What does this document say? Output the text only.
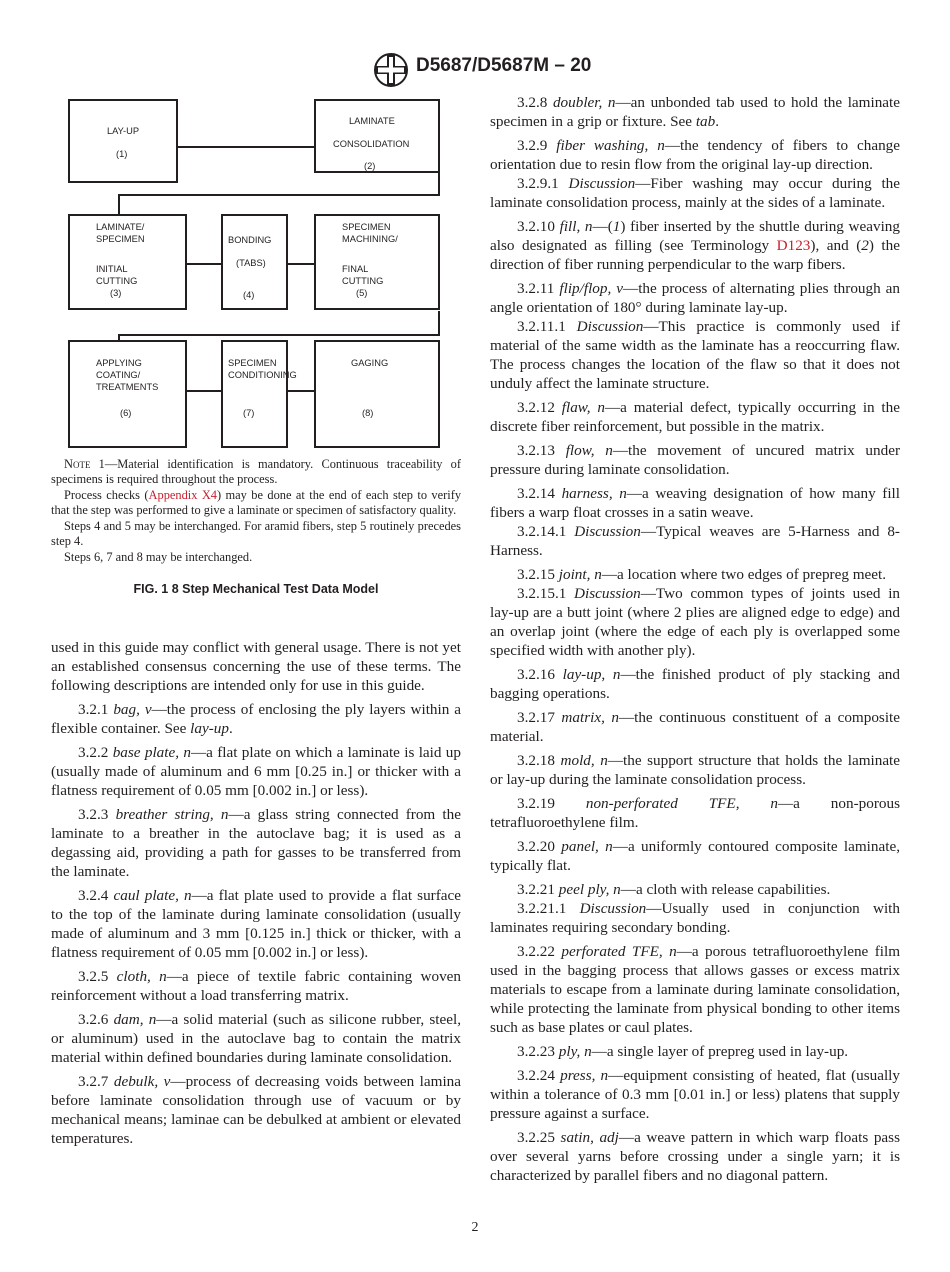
D5687/D5687M – 20
LAY-UP
(1)
LAMINATE
CONSOLIDATION
(2)
LAMINATE/
SPECIMEN
INITIAL
CUTTING
(3)
BONDING
(TABS)
(4)
SPECIMEN
MACHINING/
FINAL
CUTTING
(5)
APPLYING
COATING/
TREATMENTS
(6)
SPECIMEN
CONDITIONING
(7)
GAGING
(8)

Note 1—Material identification is mandatory. Continuous traceability of specimens is required throughout the process.

Process checks (Appendix X4) may be done at the end of each step to verify that the step was performed to give a laminate or specimen of satisfactory quality.

Steps 4 and 5 may be interchanged. For aramid fibers, step 5 routinely precedes step 4.

Steps 6, 7 and 8 may be interchanged.

FIG. 1 8 Step Mechanical Test Data Model

used in this guide may conflict with general usage. There is not yet an established consensus concerning the use of these terms. The following descriptions are intended only for use in this guide.

3.2.1 bag, v—the process of enclosing the ply layers within a flexible container. See lay-up.

3.2.2 base plate, n—a flat plate on which a laminate is laid up (usually made of aluminum and 6 mm [0.25 in.] or thicker with a flatness requirement of 0.05 mm [0.002 in.] or less).

3.2.3 breather string, n—a glass string connected from the laminate to a breather in the autoclave bag; it is used as a degassing aid, providing a path for gasses to be transferred from the laminate.

3.2.4 caul plate, n—a flat plate used to provide a flat surface to the top of the laminate during laminate consolidation (usually made of aluminum and 3 mm [0.125 in.] thick or thicker, with a flatness requirement of 0.05 mm [0.002 in.] or less).

3.2.5 cloth, n—a piece of textile fabric containing woven reinforcement without a load transferring matrix.

3.2.6 dam, n—a solid material (such as silicone rubber, steel, or aluminum) used in the autoclave bag to contain the matrix material within defined boundaries during laminate consolidation.

3.2.7 debulk, v—process of decreasing voids between lamina before laminate consolidation through use of vacuum or by mechanical means; laminae can be debulked at ambient or elevated temperatures.

3.2.8 doubler, n—an unbonded tab used to hold the laminate specimen in a grip or fixture. See tab.

3.2.9 fiber washing, n—the tendency of fibers to change orientation due to resin flow from the original lay-up direction.

3.2.9.1 Discussion—Fiber washing may occur during the laminate consolidation process, mainly at the sides of a laminate.

3.2.10 fill, n—(1) fiber inserted by the shuttle during weaving also designated as filling (see Terminology D123), and (2) the direction of fiber running perpendicular to the warp fibers.

3.2.11 flip/flop, v—the process of alternating plies through an angle orientation of 180° during laminate lay-up.

3.2.11.1 Discussion—This practice is commonly used if material of the same width as the laminate has a reoccurring flaw. The process changes the location of the flaw so that it does not unduly affect the laminate structure.

3.2.12 flaw, n—a material defect, typically occurring in the discrete fiber reinforcement, but possible in the matrix.

3.2.13 flow, n—the movement of uncured matrix under pressure during laminate consolidation.

3.2.14 harness, n—a weaving designation of how many fill fibers a warp float crosses in a satin weave.

3.2.14.1 Discussion—Typical weaves are 5-Harness and 8-Harness.

3.2.15 joint, n—a location where two edges of prepreg meet.

3.2.15.1 Discussion—Two common types of joints used in lay-up are a butt joint (where 2 plies are aligned edge to edge) and an overlap joint (where the edge of each ply is overlapped some specified width with another ply).

3.2.16 lay-up, n—the finished product of ply stacking and bagging operations.

3.2.17 matrix, n—the continuous constituent of a composite material.

3.2.18 mold, n—the support structure that holds the laminate or lay-up during the laminate consolidation process.

3.2.19 non-perforated TFE, n—a non-porous tetrafluoroethylene film.

3.2.20 panel, n—a uniformly contoured composite laminate, typically flat.

3.2.21 peel ply, n—a cloth with release capabilities.

3.2.21.1 Discussion—Usually used in conjunction with laminates requiring secondary bonding.

3.2.22 perforated TFE, n—a porous tetrafluoroethylene film used in the bagging process that allows gasses or excess matrix materials to escape from a laminate during laminate consolidation, while protecting the laminate from physical bonding to other items such as base plates or caul plates.

3.2.23 ply, n—a single layer of prepreg used in lay-up.

3.2.24 press, n—equipment consisting of heated, flat (usually within a tolerance of 0.3 mm [0.01 in.] or less) platens that supply pressure against a surface.

3.2.25 satin, adj—a weave pattern in which warp floats pass over several yarns before crossing under a single yarn; it is characterized by parallel fibers and no diagonal pattern.

2
